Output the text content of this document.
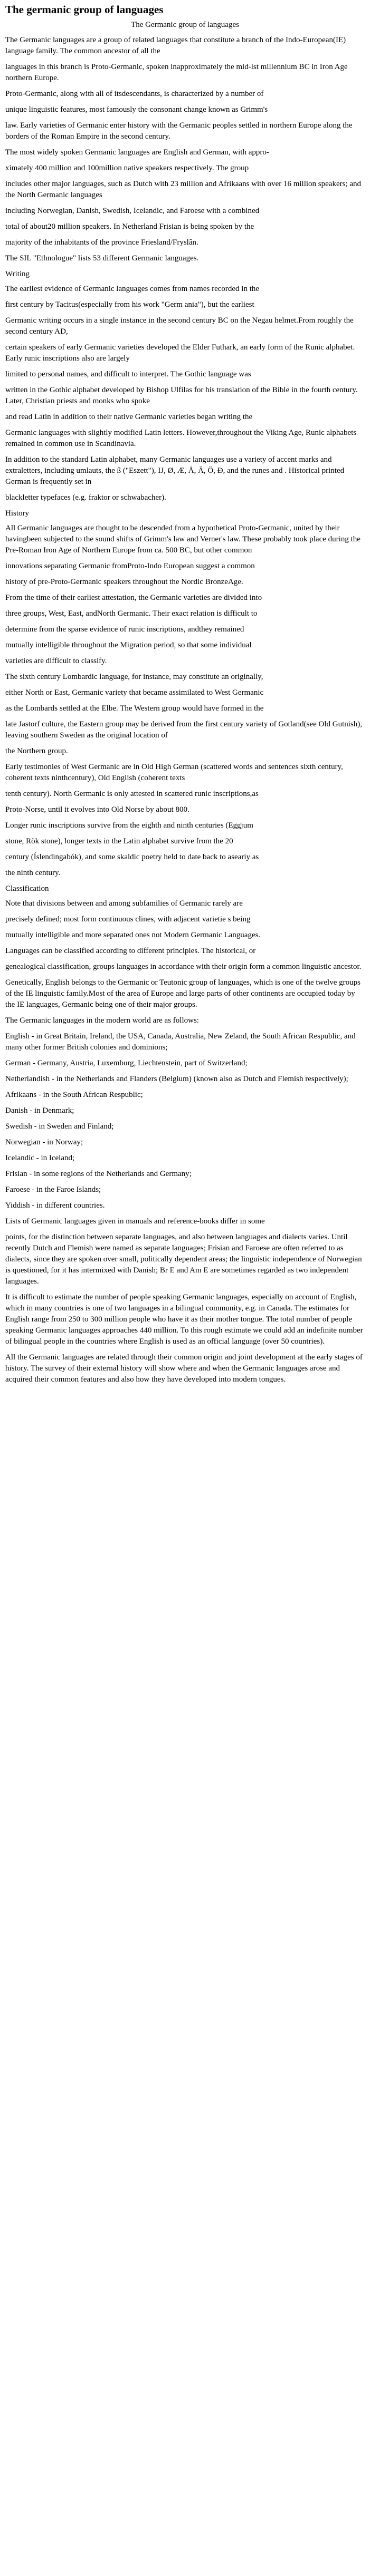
The germanic group of languages
The Germanic group of languages

The Germanic languages are a group of related languages that constitute a branch of the Indo-European(IE) language family. The common ancestor of all the

languages in this branch is Proto-Germanic, spoken inapproximately the mid-lst millennium BC in Iron Age northern Europe.

Proto-Germanic, along with all of itsdescendants, is characterized by a number of

unique linguistic features, most famously the consonant change known as Grimm's

law. Early varieties of Germanic enter history with the Germanic peoples settled in northern Europe along the borders of the Roman Empire in the second century.

The most widely spoken Germanic languages are English and German, with appro-

ximately 400 million and 100million native speakers respectively. The group

includes other major languages, such as Dutch with 23 million and Afrikaans with over 16 million speakers; and the North Germanic languages

including Norwegian, Danish, Swedish, Icelandic, and Faroese with a combined

total of about20 million speakers. In Netherland Frisian is being spoken by the

majority of the inhabitants of the province Friesland/Fryslân.

The SIL "Ethnologue" lists 53 different Germanic languages.

Writing

The earliest evidence of Germanic languages comes from names recorded in the

first century by Tacitus(especially from his work "Germ ania"), but the earliest

Germanic writing occurs in a single instance in the second century BC on the Negau helmet.From roughly the second century AD,

certain speakers of early Germanic varieties developed the Elder Futhark, an early form of the Runic alphabet. Early runic inscriptions also are largely

limited to personal names, and difficult to interpret. The Gothic language was

written in the Gothic alphabet developed by Bishop Ulfilas for his translation of the Bible in the fourth century. Later, Christian priests and monks who spoke

and read Latin in addition to their native Germanic varieties began writing the

Germanic languages with slightly modified Latin letters. However,throughout the Viking Age, Runic alphabets remained in common use in Scandinavia.

In addition to the standard Latin alphabet, many Germanic languages use a variety of accent marks and extraletters, including umlauts, the ß ("Eszett"), IJ, Ø, Æ, Å, Ä, Ö, Ð, and the runes and . Historical printed German is frequently set in

blackletter typefaces (e.g. fraktor or schwabacher).

History

All Germanic languages are thought to be descended from a hypothetical Proto-Germanic, united by their havingbeen subjected to the sound shifts of Grimm's law and Verner's law. These probably took place during the Pre-Roman Iron Age of Northern Europe from ca. 500 BC, but other common

innovations separating Germanic fromProto-Indo European suggest a common

history of pre-Proto-Germanic speakers throughout the Nordic BronzeAge.

From the time of their earliest attestation, the Germanic varieties are divided into

three groups, West, East, andNorth Germanic. Their exact relation is difficult to

determine from the sparse evidence of runic inscriptions, andthey remained

mutually intelligible throughout the Migration period, so that some individual

varieties are difficult to classify.

The sixth century Lombardic language, for instance, may constitute an originally,

either North or East, Germanic variety that became assimilated to West Germanic

as the Lombards settled at the Elbe. The Western group would have formed in the

late Jastorf culture, the Eastern group may be derived from the first century variety of Gotland(see Old Gutnish), leaving southern Sweden as the original location of

the Northern group.

Early testimonies of West Germanic are in Old High German (scattered words and sentences sixth century, coherent texts ninthcentury), Old English (coherent texts

tenth century). North Germanic is only attested in scattered runic inscriptions,as

Proto-Norse, until it evolves into Old Norse by about 800.

Longer runic inscriptions survive from the eighth and ninth centuries (Eggjum

stone, Rök stone), longer texts in the Latin alphabet survive from the 20

century (Íslendingabók), and some skaldic poetry held to date back to aseariy as

the ninth century.

Classification

Note that divisions between and among subfamilies of Germanic rarely are

precisely defined; most form continuous clines, with adjacent varietie s being

mutually intelligible and more separated ones not Modern Germanic Languages.

Languages can be classified according to different principles. The historical, or

genealogical classification, groups languages in accordance with their origin form a common linguistic ancestor.

Genetically, English belongs to the Germanic or Teutonic group of languages, which is one of the twelve groups of the IE linguistic family.Most of the area of Europe and large parts of other continents are occupied today by the IE languages, Germanic being one of their major groups.

The Germanic languages in the modern world are as follows:

English - in Great Britain, Ireland, the USA, Canada, Australia, New Zeland, the South African Respublic, and many other former British colonies and dominions;

German - Germany, Austria, Luxemburg, Liechtenstein, part of Switzerland;

Netherlandish - in the Netherlands and Flanders (Belgium) (known also as Dutch and Flemish respectively);

Afrikaans - in the South African Respublic;

Danish - in Denmark;

Swedish - in Sweden and Finland;

Norwegian - in Norway;

Icelandic - in Iceland;

Frisian - in some regions of the Netherlands and Germany;

Faroese - in the Faroe Islands;

Yiddish - in different countries.

Lists of Germanic languages given in manuals and reference-books differ in some

points, for the distinction between separate languages, and also between languages and dialects varies. Until recently Dutch and Flemish were named as separate languages; Frisian and Faroese are often referred to as dialects, since they are spoken over small, politically dependent areas; the linguistic independence of Norwegian is questioned, for it has intermixed with Danish; Br E and Am E are sometimes regarded as two independent languages.

It is difficult to estimate the number of people speaking Germanic languages, especially on account of English, which in many countries is one of two languages in a bilingual community, e.g. in Canada. The estimates for English range from 250 to 300 million people who have it as their mother tongue. The total number of people speaking Germanic languages approaches 440 million. To this rough estimate we could add an indefinite number of bilingual people in the countries where English is used as an official language (over 50 countries).

All the Germanic languages are related through their common origin and joint development at the early stages of history. The survey of their external history will show where and when the Germanic languages arose and acquired their common features and also how they have developed into modern tongues.
